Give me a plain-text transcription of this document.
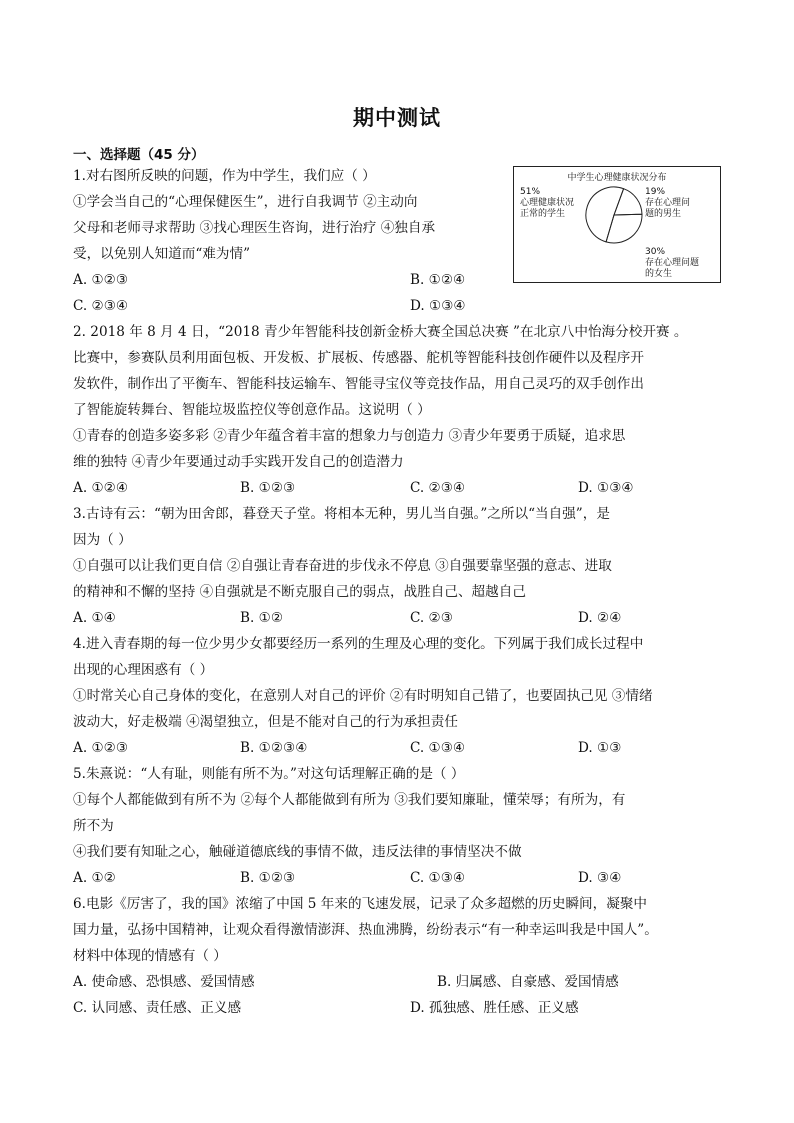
期中测试
一、选择题（45 分）
中学生心理健康状况分布
51%
心理健康状况
正常的学生
19%
存在心理问
题的男生
30%
存在心理问题
的女生
1.对右图所反映的问题，作为中学生，我们应（ ）
①学会当自己的“心理保健医生”，进行自我调节 ②主动向
父母和老师寻求帮助 ③找心理医生咨询，进行治疗 ④独自承
受，以免别人知道而“难为情”
A. ①②③	B. ①②④
C. ②③④	D. ①③④
2. 2018 年 8 月 4 日，“2018 青少年智能科技创新金桥大赛全国总决赛 ”在北京八中怡海分校开赛 。
比赛中，参赛队员利用面包板、开发板、扩展板、传感器、舵机等智能科技创作硬件以及程序开
发软件，制作出了平衡车、智能科技运输车、智能寻宝仪等竞技作品，用自己灵巧的双手创作出
了智能旋转舞台、智能垃圾监控仪等创意作品。这说明（ ）
①青春的创造多姿多彩 ②青少年蕴含着丰富的想象力与创造力 ③青少年要勇于质疑，追求思
维的独特 ④青少年要通过动手实践开发自己的创造潜力
A. ①②④	B. ①②③	C. ②③④	D. ①③④
3.古诗有云：“朝为田舍郎，暮登天子堂。将相本无种，男儿当自强。”之所以“当自强”，是
因为（ ）
①自强可以让我们更自信 ②自强让青春奋进的步伐永不停息 ③自强要靠坚强的意志、进取
的精神和不懈的坚持 ④自强就是不断克服自己的弱点，战胜自己、超越自己
A. ①④	B. ①②	C. ②③	D. ②④
4.进入青春期的每一位少男少女都要经历一系列的生理及心理的变化。下列属于我们成长过程中
出现的心理困惑有（ ）
①时常关心自己身体的变化，在意别人对自己的评价 ②有时明知自己错了，也要固执己见 ③情绪
波动大，好走极端 ④渴望独立，但是不能对自己的行为承担责任
A. ①②③	B. ①②③④	C. ①③④	D. ①③
5.朱熹说：“人有耻，则能有所不为。”对这句话理解正确的是（ ）
①每个人都能做到有所不为 ②每个人都能做到有所为 ③我们要知廉耻，懂荣辱；有所为，有
所不为
④我们要有知耻之心，触碰道德底线的事情不做，违反法律的事情坚决不做
A. ①②	B. ①②③	C. ①③④	D. ③④
6.电影《厉害了，我的国》浓缩了中国 5 年来的飞速发展，记录了众多超燃的历史瞬间，凝聚中
国力量，弘扬中国精神，让观众看得激情澎湃、热血沸腾，纷纷表示“有一种幸运叫我是中国人”。
材料中体现的情感有（ ）
A. 使命感、恐惧感、爱国情感	B. 归属感、自豪感、爱国情感
C. 认同感、责任感、正义感	D. 孤独感、胜任感、正义感
